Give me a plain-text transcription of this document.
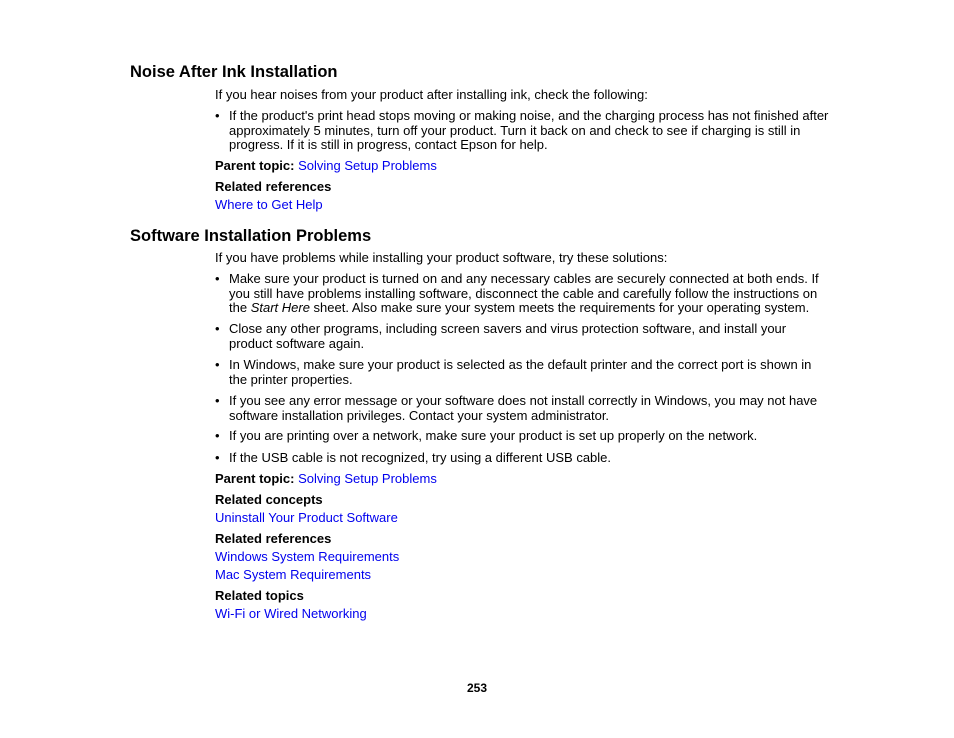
Noise After Ink Installation

If you hear noises from your product after installing ink, check the following:

• If the product's print head stops moving or making noise, and the charging process has not finished after approximately 5 minutes, turn off your product. Turn it back on and check to see if charging is still in progress. If it is still in progress, contact Epson for help.

Parent topic: Solving Setup Problems

Related references

Where to Get Help

Software Installation Problems

If you have problems while installing your product software, try these solutions:

• Make sure your product is turned on and any necessary cables are securely connected at both ends. If you still have problems installing software, disconnect the cable and carefully follow the instructions on the Start Here sheet. Also make sure your system meets the requirements for your operating system.
• Close any other programs, including screen savers and virus protection software, and install your product software again.
• In Windows, make sure your product is selected as the default printer and the correct port is shown in the printer properties.
• If you see any error message or your software does not install correctly in Windows, you may not have software installation privileges. Contact your system administrator.
• If you are printing over a network, make sure your product is set up properly on the network.
• If the USB cable is not recognized, try using a different USB cable.

Parent topic: Solving Setup Problems

Related concepts

Uninstall Your Product Software

Related references

Windows System Requirements

Mac System Requirements

Related topics

Wi-Fi or Wired Networking

253
